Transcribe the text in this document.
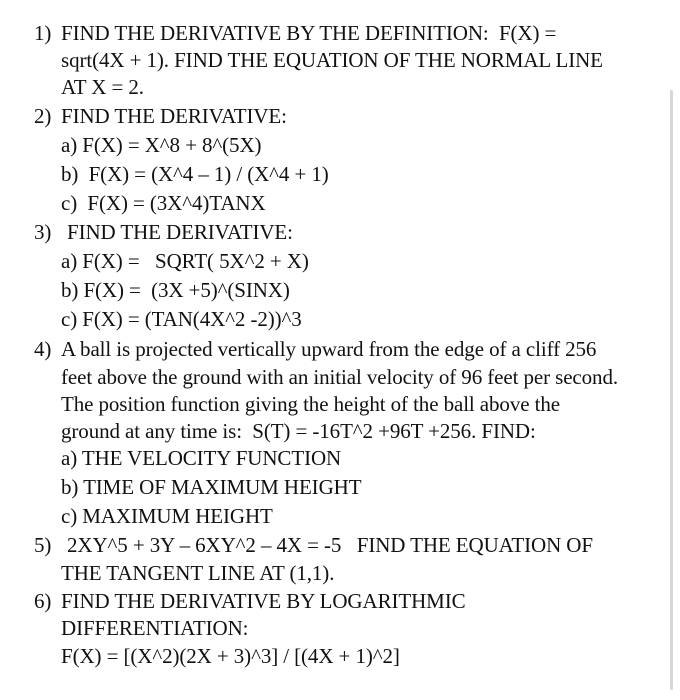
1) FIND THE DERIVATIVE BY THE DEFINITION:  F(X) =
sqrt(4X + 1). FIND THE EQUATION OF THE NORMAL LINE
AT X = 2.
2) FIND THE DERIVATIVE:
a) F(X) = X^8 + 8^(5X)
b)  F(X) = (X^4 – 1) / (X^4 + 1)
c)  F(X) = (3X^4)TANX
3) FIND THE DERIVATIVE:
a) F(X) =   SQRT( 5X^2 + X)
b) F(X) =  (3X +5)^(SINX)
c) F(X) = (TAN(4X^2 -2))^3
4) A ball is projected vertically upward from the edge of a cliff 256
feet above the ground with an initial velocity of 96 feet per second.
The position function giving the height of the ball above the
ground at any time is:  S(T) = -16T^2 +96T +256. FIND:
a) THE VELOCITY FUNCTION
b) TIME OF MAXIMUM HEIGHT
c) MAXIMUM HEIGHT
5) 2XY^5 + 3Y – 6XY^2 – 4X = -5   FIND THE EQUATION OF
THE TANGENT LINE AT (1,1).
6) FIND THE DERIVATIVE BY LOGARITHMIC
DIFFERENTIATION:
F(X) = [(X^2)(2X + 3)^3] / [(4X + 1)^2]
